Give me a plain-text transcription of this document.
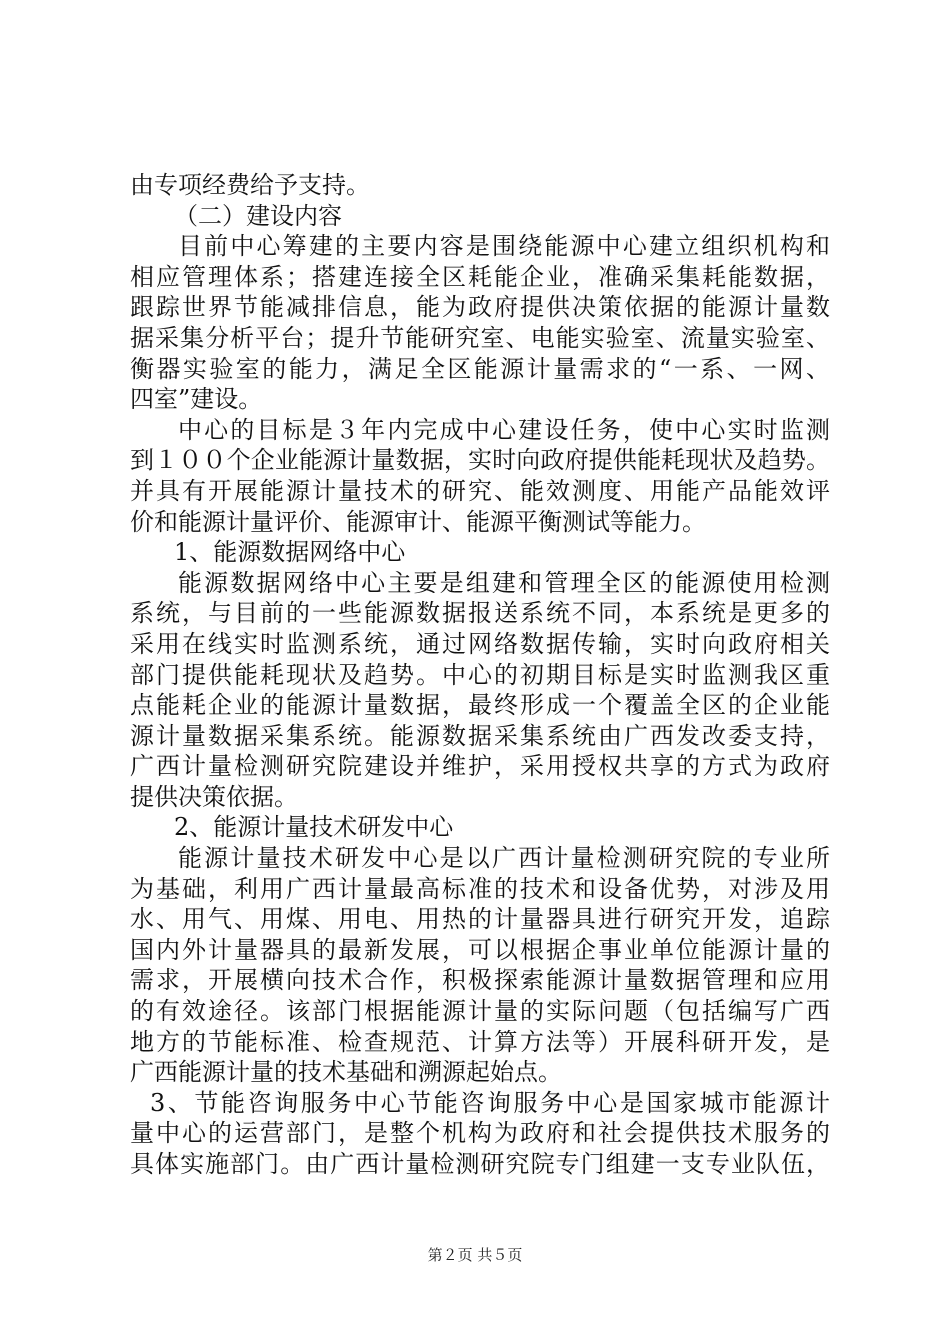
由专项经费给予支持。
（二）建设内容
目前中心筹建的主要内容是围绕能源中心建立组织机构和
相应管理体系；搭建连接全区耗能企业，准确采集耗能数据，
跟踪世界节能减排信息，能为政府提供决策依据的能源计量数
据采集分析平台；提升节能研究室、电能实验室、流量实验室、
衡器实验室的能力，满足全区能源计量需求的“一系、一网、
四室”建设。
中心的目标是３年内完成中心建设任务，使中心实时监测
到１００个企业能源计量数据，实时向政府提供能耗现状及趋势。
并具有开展能源计量技术的研究、能效测度、用能产品能效评
价和能源计量评价、能源审计、能源平衡测试等能力。
1、能源数据网络中心
能源数据网络中心主要是组建和管理全区的能源使用检测
系统，与目前的一些能源数据报送系统不同，本系统是更多的
采用在线实时监测系统，通过网络数据传输，实时向政府相关
部门提供能耗现状及趋势。中心的初期目标是实时监测我区重
点能耗企业的能源计量数据，最终形成一个覆盖全区的企业能
源计量数据采集系统。能源数据采集系统由广西发改委支持，
广西计量检测研究院建设并维护，采用授权共享的方式为政府
提供决策依据。
2、能源计量技术研发中心
能源计量技术研发中心是以广西计量检测研究院的专业所
为基础，利用广西计量最高标准的技术和设备优势，对涉及用
水、用气、用煤、用电、用热的计量器具进行研究开发，追踪
国内外计量器具的最新发展，可以根据企事业单位能源计量的
需求，开展横向技术合作，积极探索能源计量数据管理和应用
的有效途径。该部门根据能源计量的实际问题（包括编写广西
地方的节能标准、检查规范、计算方法等）开展科研开发，是
广西能源计量的技术基础和溯源起始点。
3、节能咨询服务中心节能咨询服务中心是国家城市能源计
量中心的运营部门，是整个机构为政府和社会提供技术服务的
具体实施部门。由广西计量检测研究院专门组建一支专业队伍，
第２页 共５页
